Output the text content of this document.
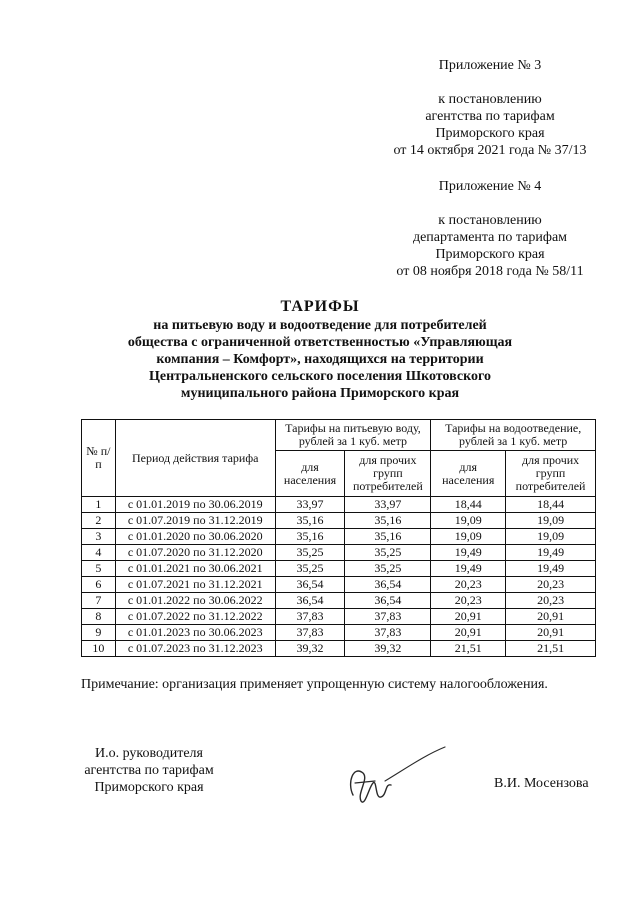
Приложение № 3
к постановлению
агентства по тарифам
Приморского края
от 14 октября 2021 года № 37/13
Приложение № 4
к постановлению
департамента по тарифам
Приморского края
от 08 ноября 2018 года № 58/11
ТАРИФЫ
на питьевую воду и водоотведение для потребителей
общества с ограниченной ответственностью «Управляющая
компания – Комфорт», находящихся на территории
Центральненского сельского поселения Шкотовского
муниципального района Приморского края
№ п/п	Период действия тарифа	Тарифы на питьевую воду, рублей за 1 куб. метр		Тарифы на водоотведение, рублей за 1 куб. метр	
		для населения	для прочих групп потребителей	для населения	для прочих групп потребителей
1	с 01.01.2019 по 30.06.2019	33,97	33,97	18,44	18,44
2	с 01.07.2019 по 31.12.2019	35,16	35,16	19,09	19,09
3	с 01.01.2020 по 30.06.2020	35,16	35,16	19,09	19,09
4	с 01.07.2020 по 31.12.2020	35,25	35,25	19,49	19,49
5	с 01.01.2021 по 30.06.2021	35,25	35,25	19,49	19,49
6	с 01.07.2021 по 31.12.2021	36,54	36,54	20,23	20,23
7	с 01.01.2022 по 30.06.2022	36,54	36,54	20,23	20,23
8	с 01.07.2022 по 31.12.2022	37,83	37,83	20,91	20,91
9	с 01.01.2023 по 30.06.2023	37,83	37,83	20,91	20,91
10	с 01.07.2023 по 31.12.2023	39,32	39,32	21,51	21,51
Примечание: организация применяет упрощенную систему налогообложения.
И.о. руководителя
агентства по тарифам
Приморского края	В.И. Мосензова
